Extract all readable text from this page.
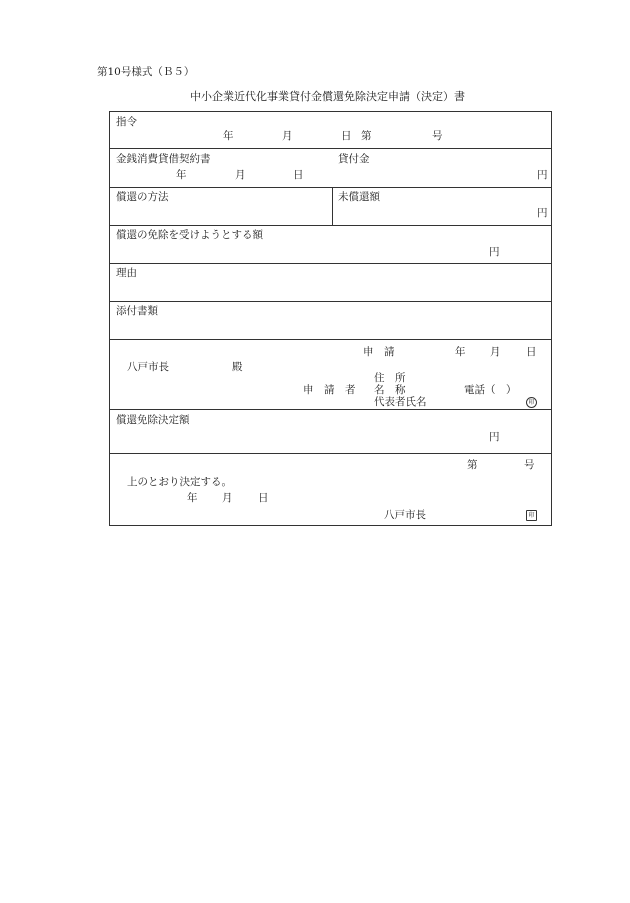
第10号様式（Ｂ５）
中小企業近代化事業貸付金償還免除決定申請（決定）書
指令
年	月	日 第	号
金銭消費貸借契約書
年	月	日
貸付金
円
償還の方法	未償還額
円
償還の免除を受けようとする額
円
理由
添付書類
申　請	年 月 日
八戸市長	殿
住　所
申　請　者 名　称	電話（　）
代表者氏名	印
償還免除決定額
円
第	号
上のとおり決定する。
年 月 日
八戸市長	印
